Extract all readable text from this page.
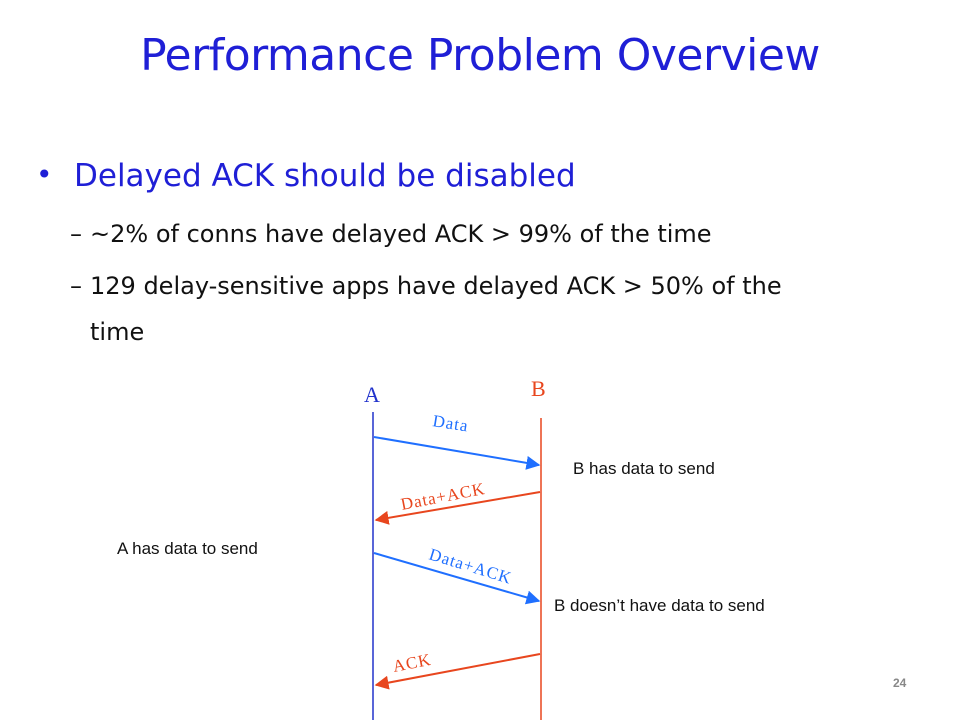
Performance Problem Overview
• Delayed ACK should be disabled
– ~2% of conns have delayed ACK > 99% of the time
– 129 delay-sensitive apps have delayed ACK > 50% of the
time
A	B
Data
Data+ACK
Data+ACK
ACK
B has data to send
A has data to send
B doesn’t have data to send
24
